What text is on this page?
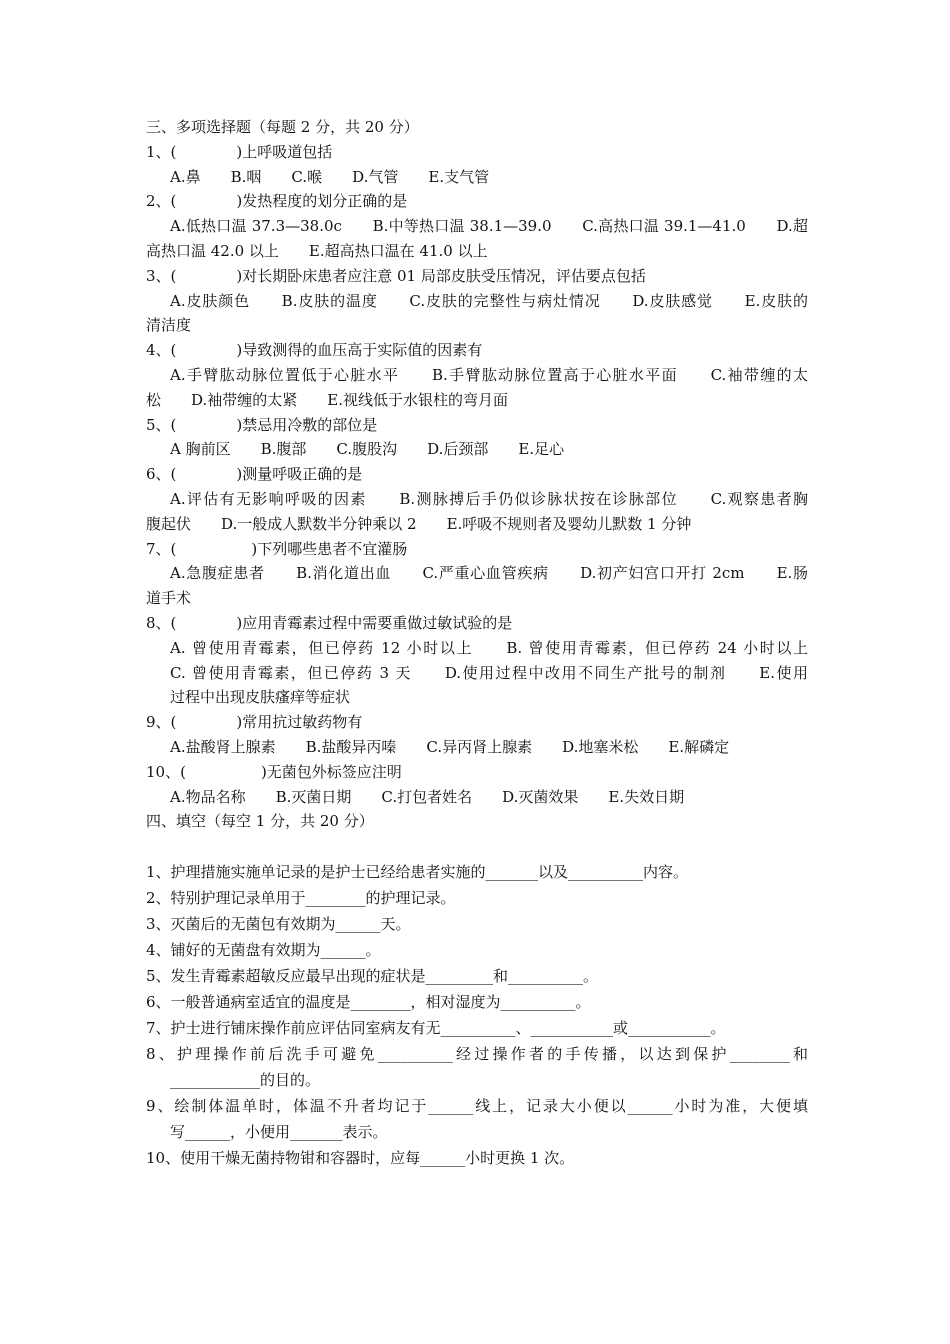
三、多项选择题（每题 2 分，共 20 分）
1、(　　　　)上呼吸道包括
A.鼻　　B.咽　　C.喉　　D.气管　　E.支气管
2、(　　　　)发热程度的划分正确的是
A.低热口温 37.3—38.0c　　B.中等热口温 38.1—39.0　　C.高热口温 39.1—41.0　　D.超
高热口温 42.0 以上　　E.超高热口温在 41.0 以上
3、(　　　　)对长期卧床患者应注意 01 局部皮肤受压情况，评估要点包括
A.皮肤颜色　　B.皮肤的温度　　C.皮肤的完整性与病灶情况　　D.皮肤感觉　　E.皮肤的
清洁度
4、(　　　　)导致测得的血压高于实际值的因素有
A.手臂肱动脉位置低于心脏水平　　B.手臂肱动脉位置高于心脏水平面　　C.袖带缠的太
松　　D.袖带缠的太紧　　E.视线低于水银柱的弯月面
5、(　　　　)禁忌用冷敷的部位是
A 胸前区　　B.腹部　　C.腹股沟　　D.后颈部　　E.足心
6、(　　　　)测量呼吸正确的是
A.评估有无影响呼吸的因素　　B.测脉搏后手仍似诊脉状按在诊脉部位　　C.观察患者胸
腹起伏　　D.一般成人默数半分钟乘以 2　　E.呼吸不规则者及婴幼儿默数 1 分钟
7、(　　　　　)下列哪些患者不宜灌肠
A.急腹症患者　　B.消化道出血　　C.严重心血管疾病　　D.初产妇宫口开打 2cm　　E.肠
道手术
8、(　　　　)应用青霉素过程中需要重做过敏试验的是
A. 曾使用青霉素，但已停药 12 小时以上　　B. 曾使用青霉素，但已停药 24 小时以上
C. 曾使用青霉素，但已停药 3 天　　D.使用过程中改用不同生产批号的制剂　　E.使用
过程中出现皮肤瘙痒等症状
9、(　　　　)常用抗过敏药物有
A.盐酸肾上腺素　　B.盐酸异丙嗪　　C.异丙肾上腺素　　D.地塞米松　　E.解磷定
10、(　　　　　)无菌包外标签应注明
A.物品名称　　B.灭菌日期　　C.打包者姓名　　D.灭菌效果　　E.失效日期
四、填空（每空 1 分，共 20 分）
1、护理措施实施单记录的是护士已经给患者实施的_______以及__________内容。
2、特别护理记录单用于________的护理记录。
3、灭菌后的无菌包有效期为______天。
4、铺好的无菌盘有效期为______。
5、发生青霉素超敏反应最早出现的症状是_________和__________。
6、一般普通病室适宜的温度是________，相对湿度为__________。
7、护士进行铺床操作前应评估同室病友有无__________、___________或___________。
8、护理操作前后洗手可避免__________经过操作者的手传播，以达到保护________和
____________的目的。
9、绘制体温单时，体温不升者均记于______线上，记录大小便以______小时为准，大便填
写______，小便用_______表示。
10、使用干燥无菌持物钳和容器时，应每______小时更换 1 次。
